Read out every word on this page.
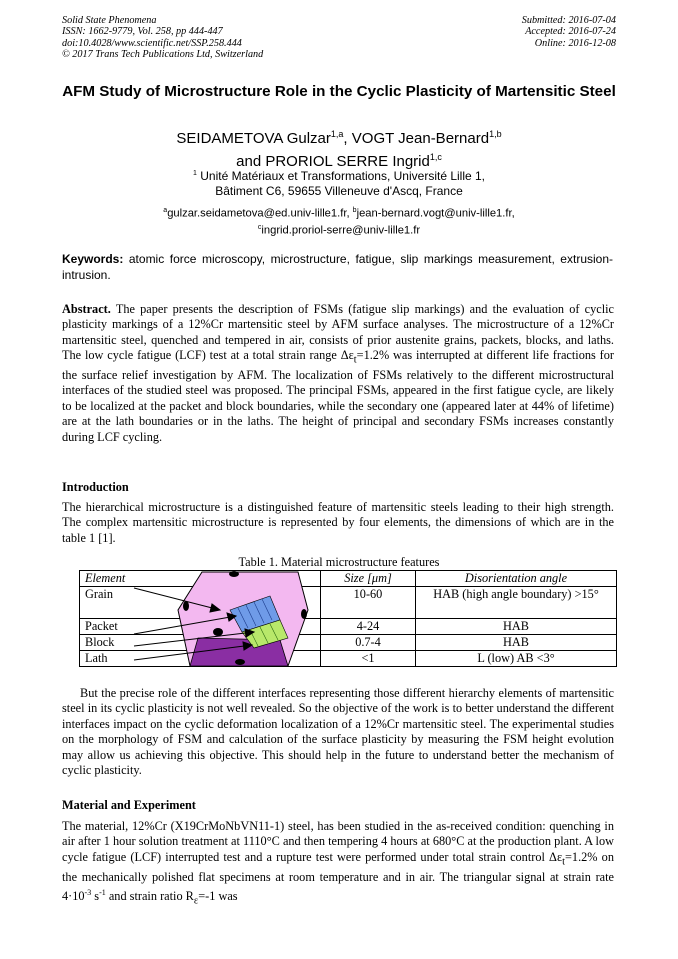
Solid State Phenomena
ISSN: 1662-9779, Vol. 258, pp 444-447
doi:10.4028/www.scientific.net/SSP.258.444
© 2017 Trans Tech Publications Ltd, Switzerland
Submitted: 2016-07-04
Accepted: 2016-07-24
Online: 2016-12-08
AFM Study of Microstructure Role in the Cyclic Plasticity of Martensitic Steel
SEIDAMETOVA Gulzar$^{1,a}$, VOGT Jean-Bernard$^{1,b}$
and PRORIOL SERRE Ingrid$^{1,c}$
$^1$ Unité Matériaux et Transformations, Université Lille 1,
Bâtiment C6, 59655 Villeneuve d'Ascq, France
$^a$gulzar.seidametova@ed.univ-lille1.fr, $^b$jean-bernard.vogt@univ-lille1.fr,
$^c$ingrid.proriol-serre@univ-lille1.fr
Keywords: atomic force microscopy, microstructure, fatigue, slip markings measurement, extrusion-intrusion.
Abstract. The paper presents the description of FSMs (fatigue slip markings) and the evaluation of cyclic plasticity markings of a 12%Cr martensitic steel by AFM surface analyses. The microstructure of a 12%Cr martensitic steel, quenched and tempered in air, consists of prior austenite grains, packets, blocks, and laths. The low cycle fatigue (LCF) test at a total strain range $\Delta\varepsilon_t=1.2\%$ was interrupted at different life fractions for the surface relief investigation by AFM. The localization of FSMs relatively to the different microstructural interfaces of the studied steel was proposed. The principal FSMs, appeared in the first fatigue cycle, are likely to be localized at the packet and block boundaries, while the secondary one (appeared later at 44% of lifetime) are at the lath boundaries or in the laths. The height of principal and secondary FSMs increases constantly during LCF cycling.
Introduction
The hierarchical microstructure is a distinguished feature of martensitic steels leading to their high strength. The complex martensitic microstructure is represented by four elements, the dimensions of which are in the table 1 [1].
Table 1. Material microstructure features
Element	Size [μm]	Disorientation angle
Grain	10-60	HAB (high angle boundary) >15°
Packet	4-24	HAB
Block	0.7-4	HAB
Lath	<1	L (low) AB <3°
But the precise role of the different interfaces representing those different hierarchy elements of martensitic steel in its cyclic plasticity is not well revealed. So the objective of the work is to better understand the different interfaces impact on the cyclic deformation localization of a 12%Cr martensitic steel. The experimental studies on the morphology of FSM and calculation of the surface plasticity by measuring the FSM height evolution may allow us achieving this objective. This should help in the future to understand better the mechanism of cyclic plasticity.
Material and Experiment
The material, 12%Cr (X19CrMoNbVN11-1) steel, has been studied in the as-received condition: quenching in air after 1 hour solution treatment at 1110°C and then tempering 4 hours at 680°C at the production plant. A low cycle fatigue (LCF) interrupted test and a rupture test were performed under total strain control $\Delta\varepsilon_t=1.2\%$ on the mechanically polished flat specimens at room temperature and in air. The triangular signal at strain rate $4\cdot 10^{-3}$ $s^{-1}$ and strain ratio $R_\varepsilon=-1$ was
